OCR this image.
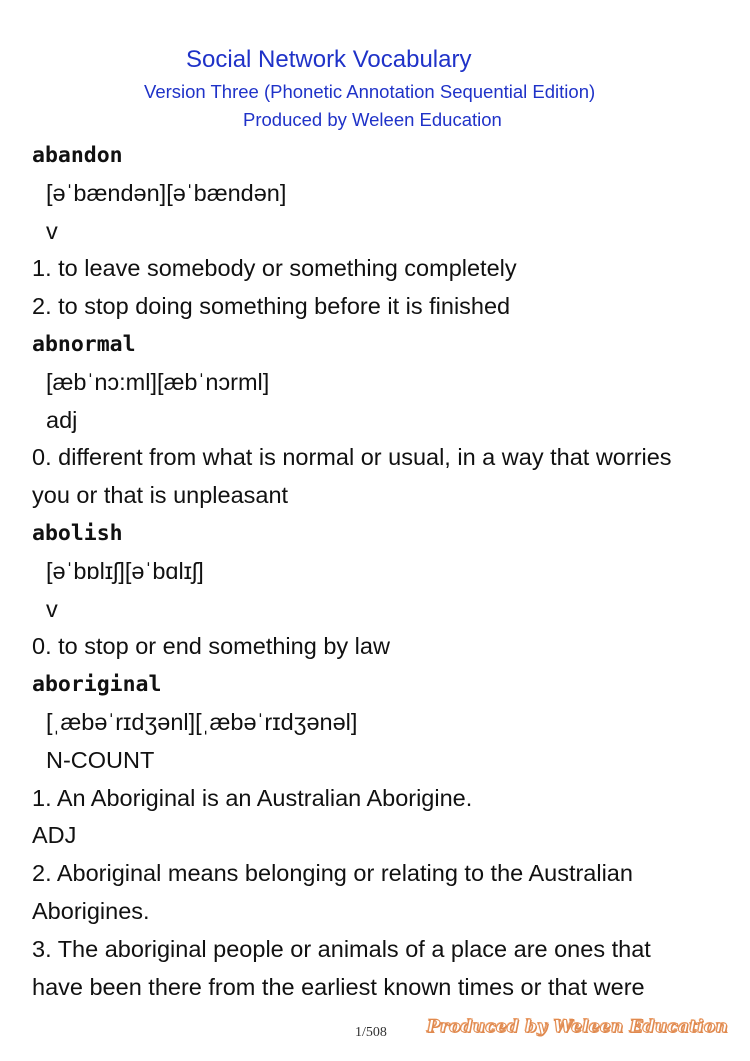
Social Network Vocabulary
Version Three (Phonetic Annotation Sequential Edition)
Produced by Weleen Education
abandon
[əˈbændən][əˈbændən]
v
1. to leave somebody or something completely
2. to stop doing something before it is finished
abnormal
[æbˈnɔ:ml][æbˈnɔrml]
adj
0. different from what is normal or usual, in a way that worries
you or that is unpleasant
abolish
[əˈbɒlɪʃ][əˈbɑlɪʃ]
v
0. to stop or end something by law
aboriginal
[ˌæbəˈrɪdʒənl][ˌæbəˈrɪdʒənəl]
N-COUNT
1. An Aboriginal is an Australian Aborigine.
ADJ
2. Aboriginal means belonging or relating to the Australian
Aborigines.
3. The aboriginal people or animals of a place are ones that
have been there from the earliest known times or that were
1/508	Produced by Weleen Education
